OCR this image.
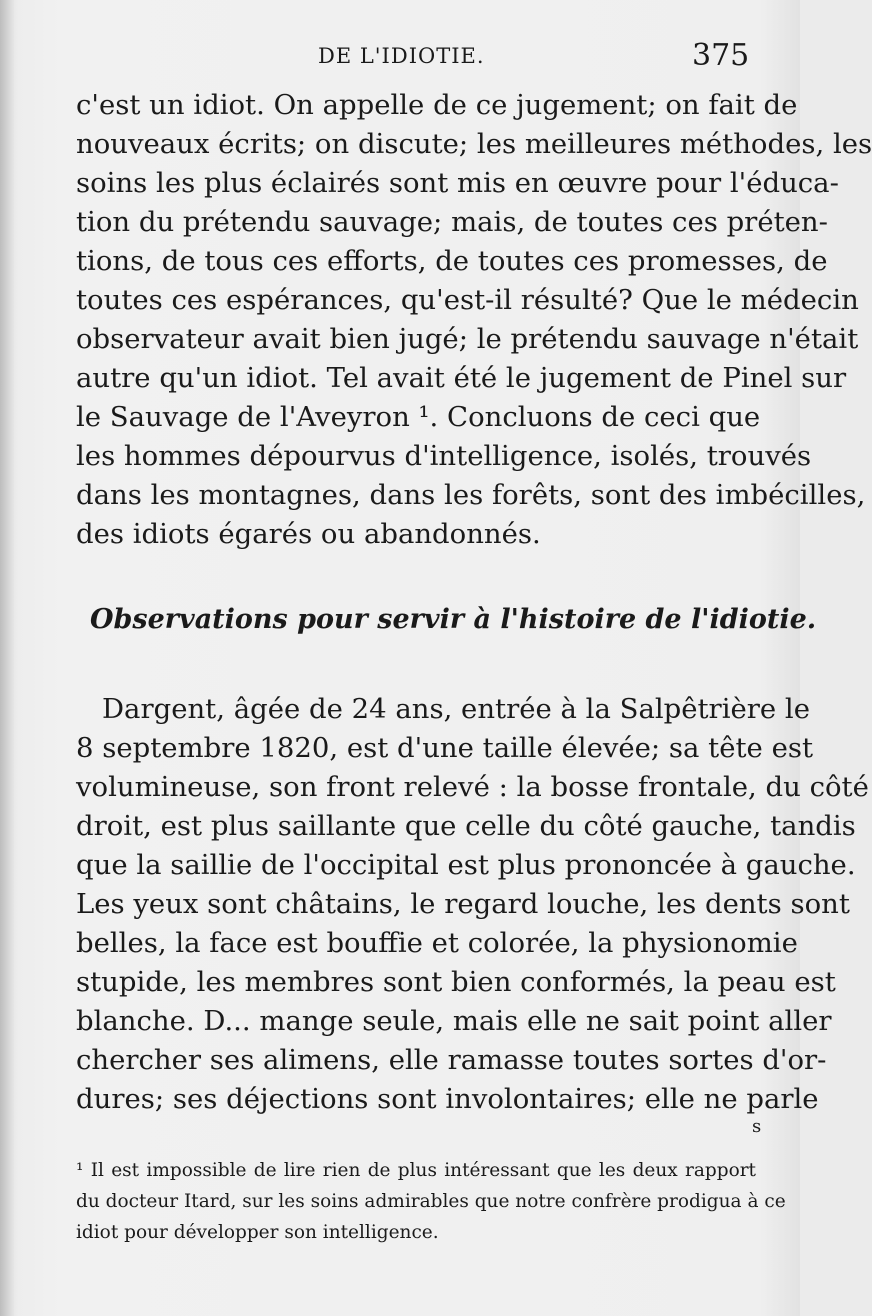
DE L'IDIOTIE.	375
c'est un idiot. On appelle de ce jugement; on fait de
nouveaux écrits; on discute; les meilleures méthodes, les
soins les plus éclairés sont mis en œuvre pour l'éduca-
tion du prétendu sauvage; mais, de toutes ces préten-
tions, de tous ces efforts, de toutes ces promesses, de
toutes ces espérances, qu'est-il résulté? Que le médecin
observateur avait bien jugé; le prétendu sauvage n'était
autre qu'un idiot. Tel avait été le jugement de Pinel sur
le Sauvage de l'Aveyron ¹. Concluons de ceci que
les hommes dépourvus d'intelligence, isolés, trouvés
dans les montagnes, dans les forêts, sont des imbécilles,
des idiots égarés ou abandonnés.
Observations pour servir à l'histoire de l'idiotie.
Dargent, âgée de 24 ans, entrée à la Salpêtrière le
8 septembre 1820, est d'une taille élevée; sa tête est
volumineuse, son front relevé : la bosse frontale, du côté
droit, est plus saillante que celle du côté gauche, tandis
que la saillie de l'occipital est plus prononcée à gauche.
Les yeux sont châtains, le regard louche, les dents sont
belles, la face est bouffie et colorée, la physionomie
stupide, les membres sont bien conformés, la peau est
blanche. D... mange seule, mais elle ne sait point aller
chercher ses alimens, elle ramasse toutes sortes d'or-
dures; ses déjections sont involontaires; elle ne parle
s
¹ Il est impossible de lire rien de plus intéressant que les deux rapport
du docteur Itard, sur les soins admirables que notre confrère prodigua à ce
idiot pour développer son intelligence.
